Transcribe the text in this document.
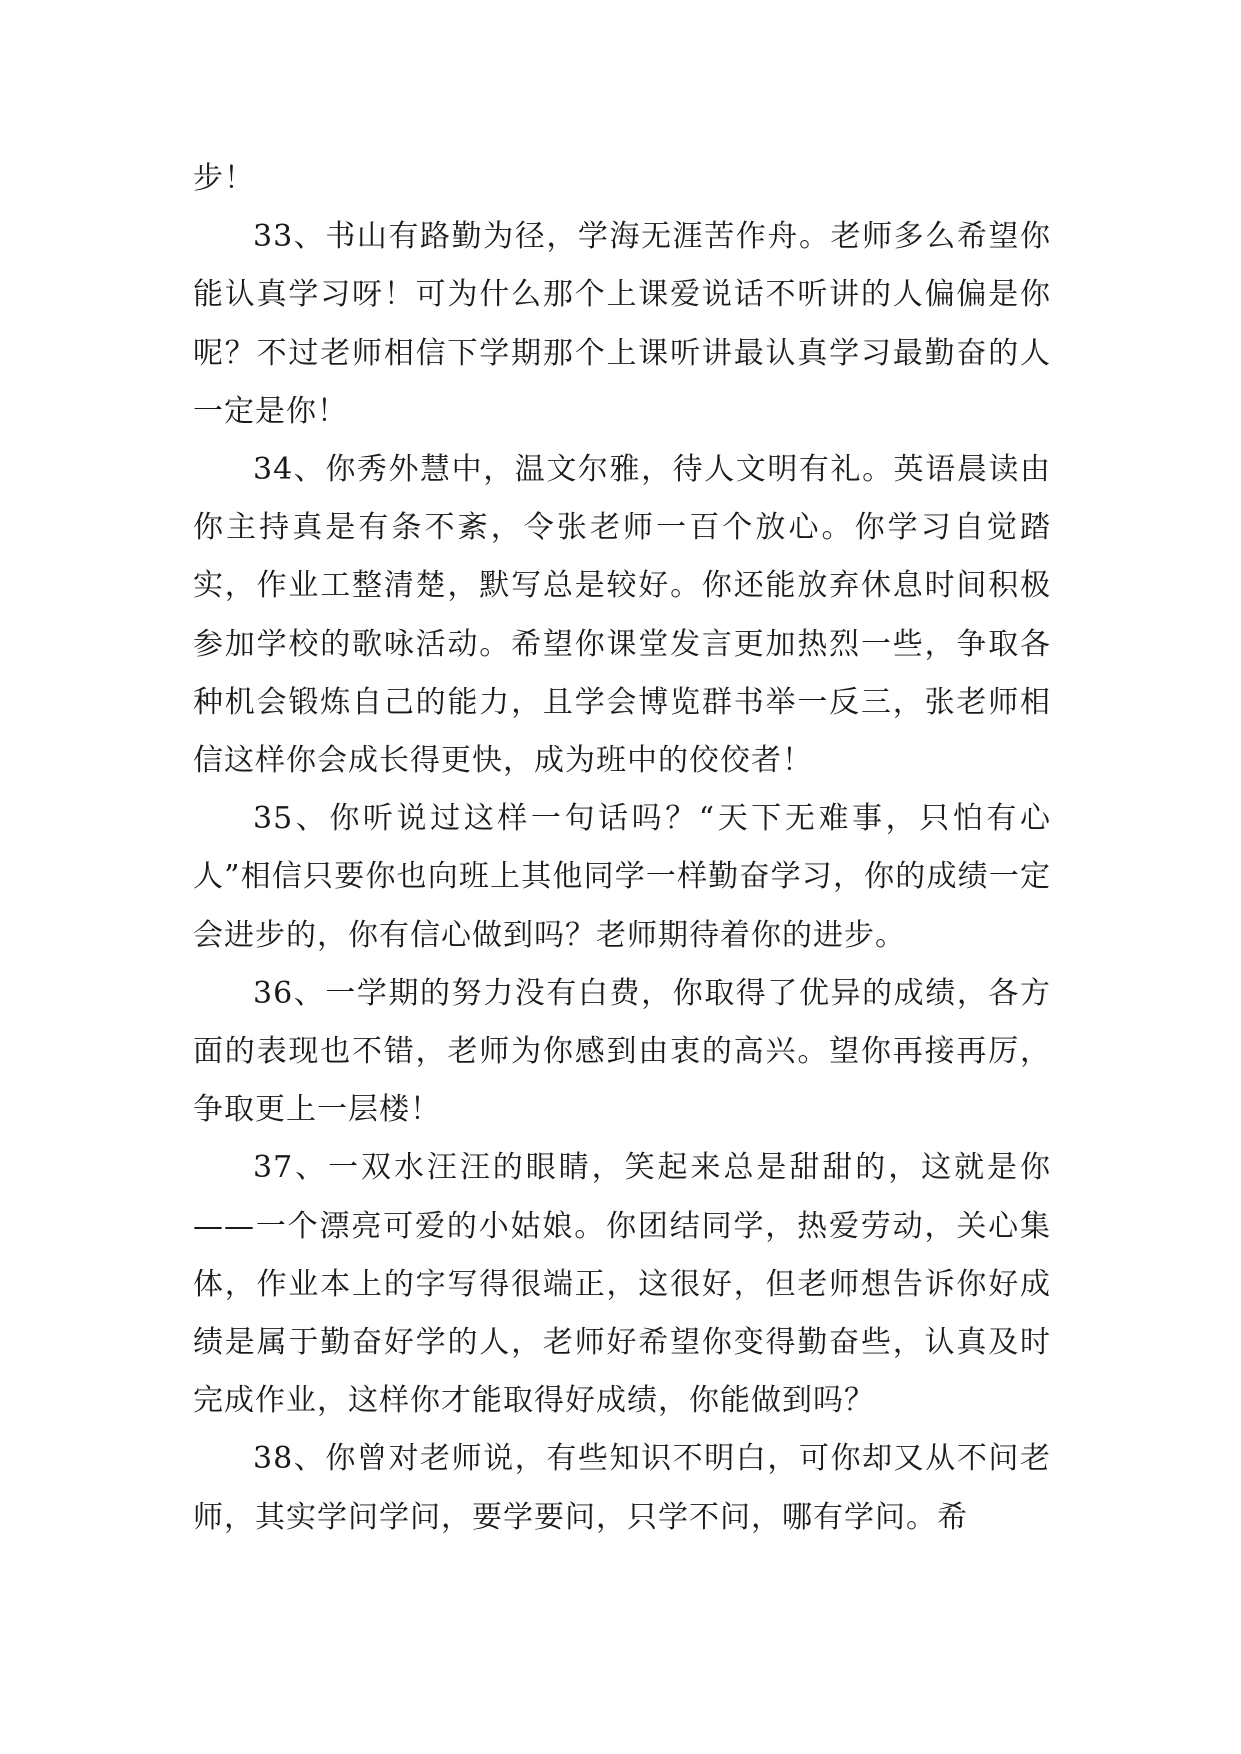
步！

33、书山有路勤为径，学海无涯苦作舟。老师多么希望你能认真学习呀！可为什么那个上课爱说话不听讲的人偏偏是你呢？不过老师相信下学期那个上课听讲最认真学习最勤奋的人一定是你！

34、你秀外慧中，温文尔雅，待人文明有礼。英语晨读由你主持真是有条不紊，令张老师一百个放心。你学习自觉踏实，作业工整清楚，默写总是较好。你还能放弃休息时间积极参加学校的歌咏活动。希望你课堂发言更加热烈一些，争取各种机会锻炼自己的能力，且学会博览群书举一反三，张老师相信这样你会成长得更快，成为班中的佼佼者！

35、你听说过这样一句话吗？“天下无难事，只怕有心人”相信只要你也向班上其他同学一样勤奋学习，你的成绩一定会进步的，你有信心做到吗？老师期待着你的进步。

36、一学期的努力没有白费，你取得了优异的成绩，各方面的表现也不错，老师为你感到由衷的高兴。望你再接再厉，争取更上一层楼！

37、一双水汪汪的眼睛，笑起来总是甜甜的，这就是你——一个漂亮可爱的小姑娘。你团结同学，热爱劳动，关心集体，作业本上的字写得很端正，这很好，但老师想告诉你好成绩是属于勤奋好学的人，老师好希望你变得勤奋些，认真及时完成作业，这样你才能取得好成绩，你能做到吗？

38、你曾对老师说，有些知识不明白，可你却又从不问老师，其实学问学问，要学要问，只学不问，哪有学问。希
